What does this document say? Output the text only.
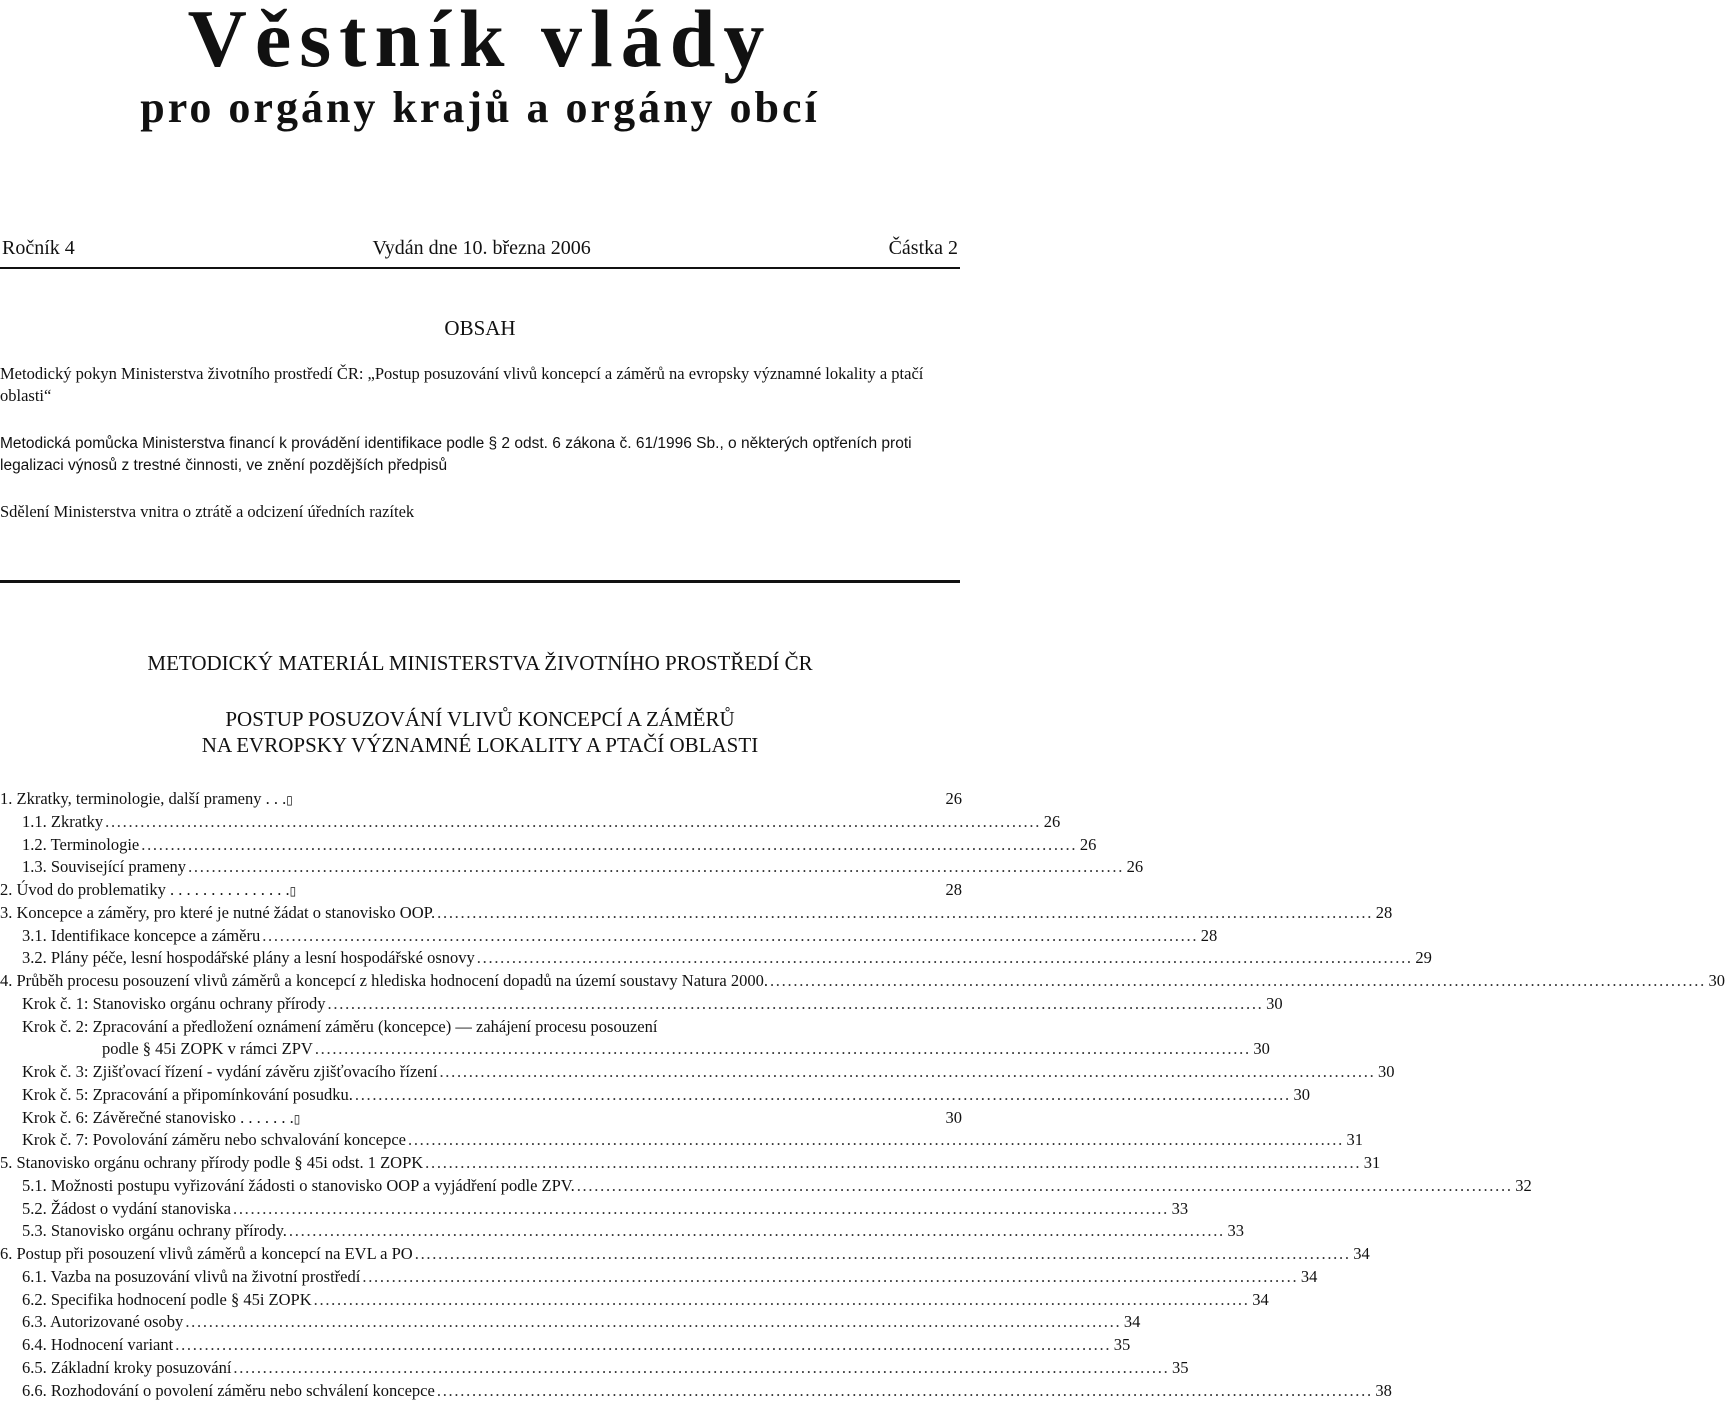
Věstník vlády
pro orgány krajů a orgány obcí
Ročník 4	Vydán dne 10. března 2006	Částka 2
OBSAH
Metodický pokyn Ministerstva životního prostředí ČR: „Postup posuzování vlivů koncepcí a záměrů na evropsky významné lokality a ptačí oblasti“
Metodická pomůcka Ministerstva financí k provádění identifikace podle § 2 odst. 6 zákona č. 61/1996 Sb., o některých optřeních proti legalizaci výnosů z trestné činnosti, ve znění pozdějších předpisů
Sdělení Ministerstva vnitra o ztrátě a odcizení úředních razítek
METODICKÝ MATERIÁL MINISTERSTVA ŽIVOTNÍHO PROSTŘEDÍ ČR
POSTUP POSUZOVÁNÍ VLIVŮ KONCEPCÍ A ZÁMĚRŮ
NA EVROPSKY VÝZNAMNÉ LOKALITY A PTAČÍ OBLASTI
1. Zkratky, terminologie, další prameny . . . ▯	26
1.1. Zkratky . . .	26
1.2. Terminologie . . .	26
1.3. Související prameny . . .	26
2. Úvod do problematiky . . . . . . . . . . . . . . . ▯	28
3. Koncepce a záměry, pro které je nutné žádat o stanovisko OOP. . . .	28
3.1. Identifikace koncepce a záměru . . .	28
3.2. Plány péče, lesní hospodářské plány a lesní hospodářské osnovy . . .	29
4. Průběh procesu posouzení vlivů záměrů a koncepcí z hlediska hodnocení dopadů na území soustavy Natura 2000. . . .	30
Krok č. 1: Stanovisko orgánu ochrany přírody . . .	30
Krok č. 2: Zpracování a předložení oznámení záměru (koncepce) — zahájení procesu posouzení
podle § 45i ZOPK v rámci ZPV . . .	30
Krok č. 3: Zjišťovací řízení - vydání závěru zjišťovacího řízení . . .	30
Krok č. 5: Zpracování a připomínkování posudku. . . .	30
Krok č. 6: Závěrečné stanovisko . . . . . . . ▯	30
Krok č. 7: Povolování záměru nebo schvalování koncepce . . .	31
5. Stanovisko orgánu ochrany přírody podle § 45i odst. 1 ZOPK . . .	31
5.1. Možnosti postupu vyřizování žádosti o stanovisko OOP a vyjádření podle ZPV. . . .	32
5.2. Žádost o vydání stanoviska . . .	33
5.3. Stanovisko orgánu ochrany přírody. . . .	33
6. Postup při posouzení vlivů záměrů a koncepcí na EVL a PO . . .	34
6.1. Vazba na posuzování vlivů na životní prostředí . . .	34
6.2. Specifika hodnocení podle § 45i ZOPK . . .	34
6.3. Autorizované osoby . . .	34
6.4. Hodnocení variant . . .	35
6.5. Základní kroky posuzování . . .	35
6.6. Rozhodování o povolení záměru nebo schválení koncepce . . .	38
